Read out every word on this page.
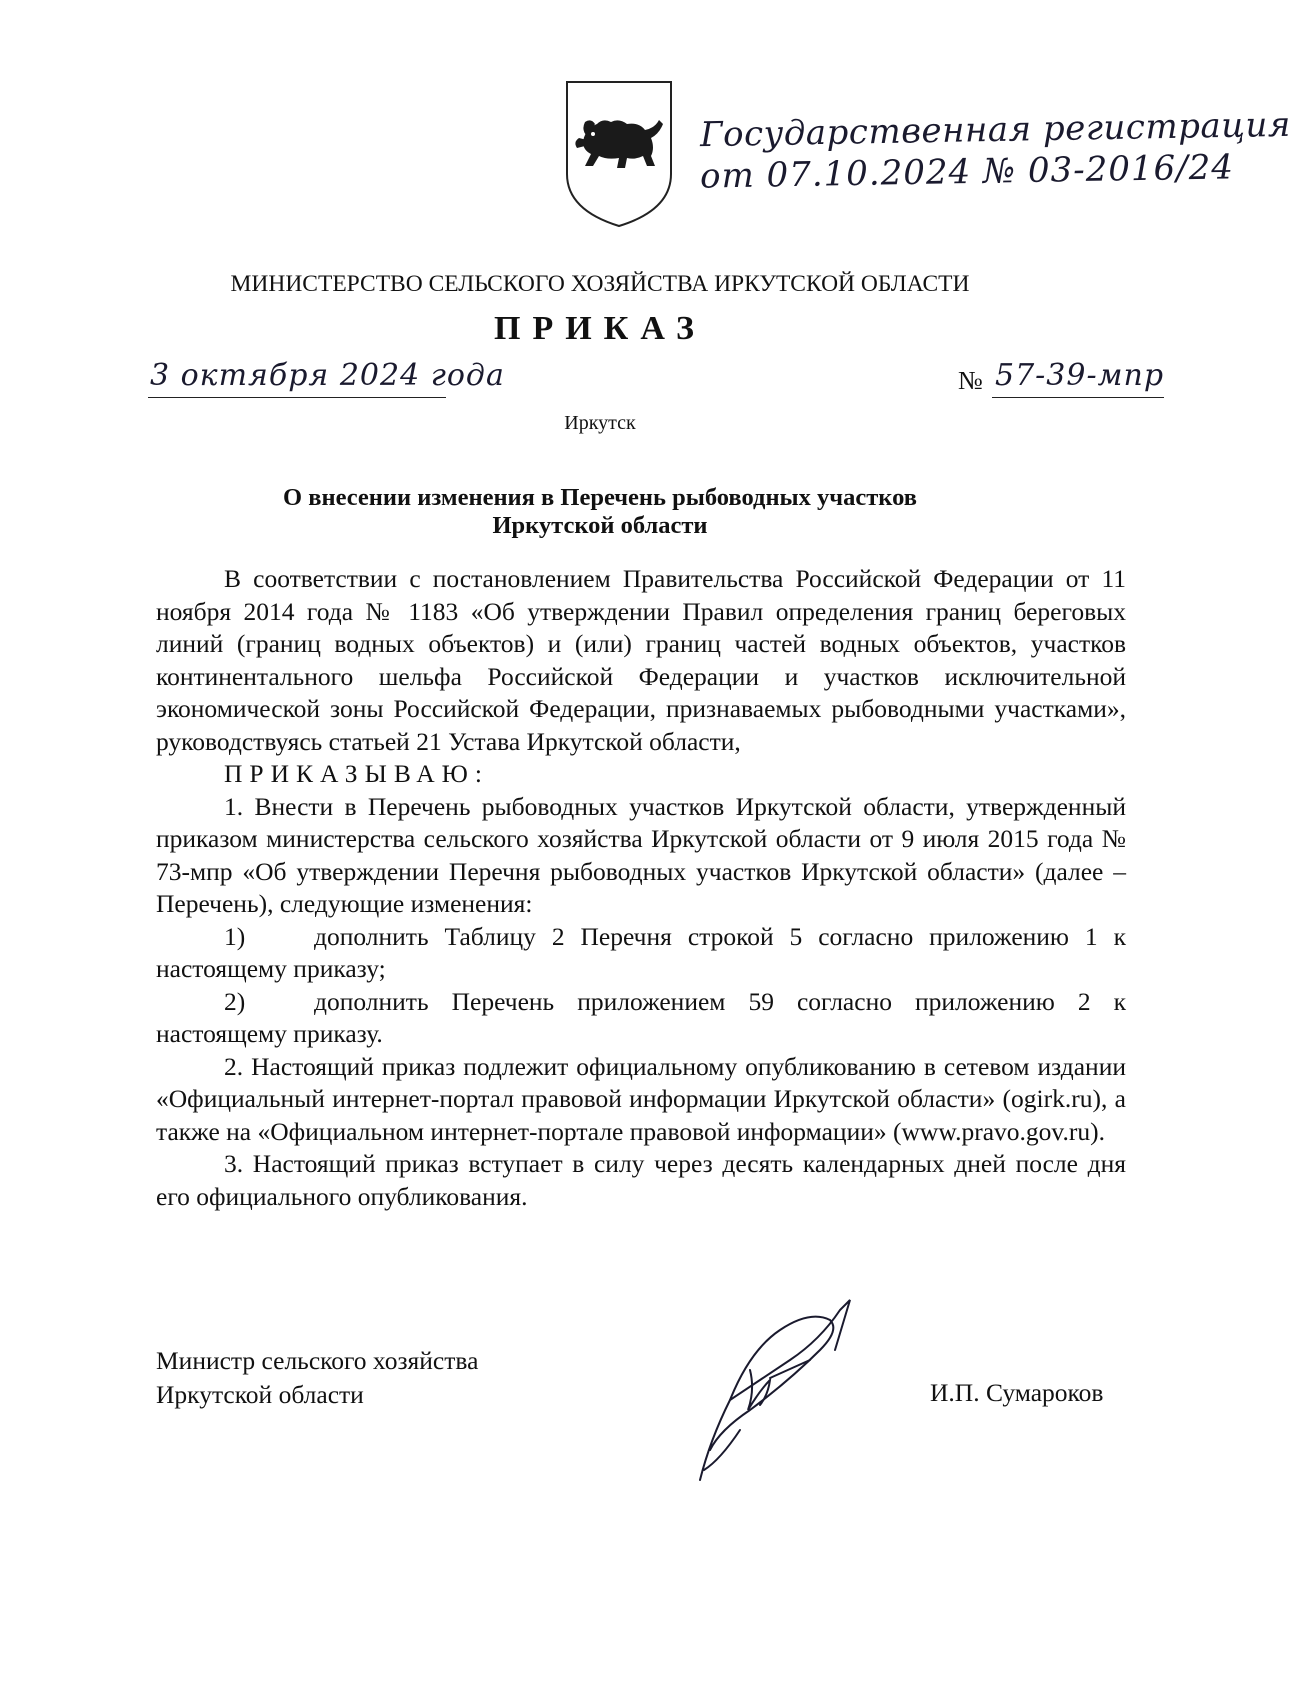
Государственная регистрация
от 07.10.2024 № 03-2016/24
МИНИСТЕРСТВО СЕЛЬСКОГО ХОЗЯЙСТВА ИРКУТСКОЙ ОБЛАСТИ
ПРИКАЗ
3 октября 2024 года	№ 57-39-мпр
Иркутск
О внесении изменения в Перечень рыбоводных участков
Иркутской области

В соответствии с постановлением Правительства Российской Федерации от 11 ноября 2014 года № 1183 «Об утверждении Правил определения границ береговых линий (границ водных объектов) и (или) границ частей водных объектов, участков континентального шельфа Российской Федерации и участков исключительной экономической зоны Российской Федерации, признаваемых рыбоводными участками», руководствуясь статьей 21 Устава Иркутской области,

ПРИКАЗЫВАЮ:

1. Внести в Перечень рыбоводных участков Иркутской области, утвержденный приказом министерства сельского хозяйства Иркутской области от 9 июля 2015 года № 73-мпр «Об утверждении Перечня рыбоводных участков Иркутской области» (далее – Перечень), следующие изменения:

1)	дополнить Таблицу 2 Перечня строкой 5 согласно приложению 1 к настоящему приказу;

2)	дополнить Перечень приложением 59 согласно приложению 2 к настоящему приказу.

2. Настоящий приказ подлежит официальному опубликованию в сетевом издании «Официальный интернет-портал правовой информации Иркутской области» (ogirk.ru), а также на «Официальном интернет-портале правовой информации» (www.pravo.gov.ru).

3. Настоящий приказ вступает в силу через десять календарных дней после дня его официального опубликования.

Министр сельского хозяйства
Иркутской области	И.П. Сумароков
